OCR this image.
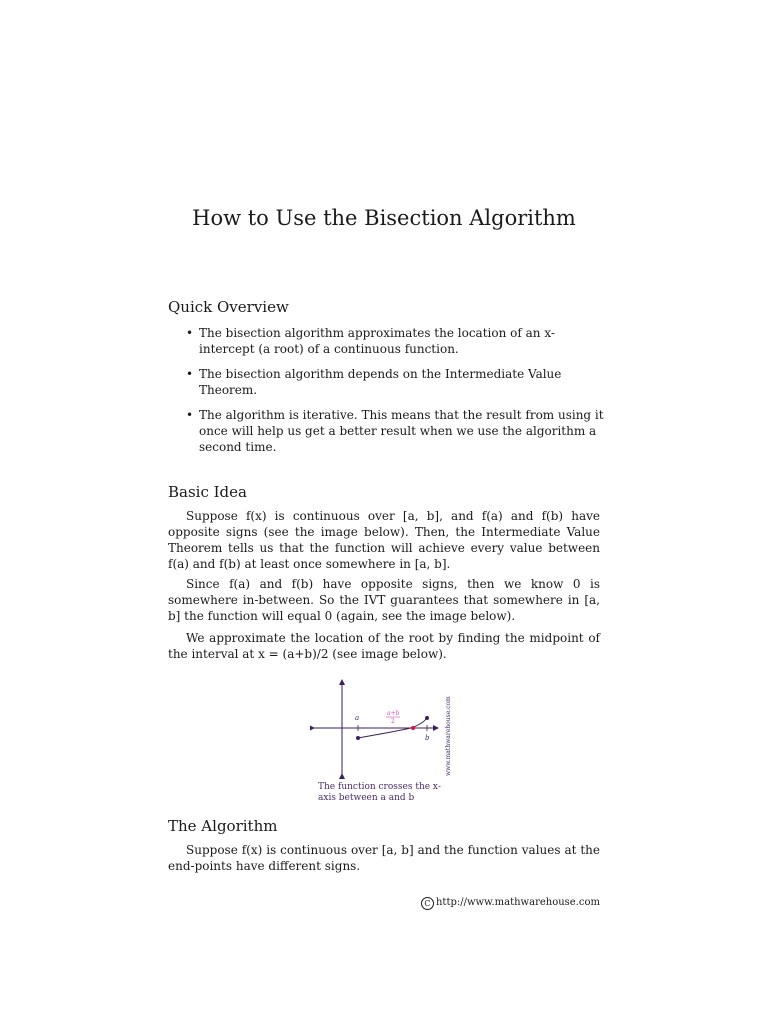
How to Use the Bisection Algorithm
Quick Overview
• The bisection algorithm approximates the location of an x-intercept (a root) of a continuous function.
• The bisection algorithm depends on the Intermediate Value Theorem.
• The algorithm is iterative. This means that the result from using it once will help us get a better result when we use the algorithm a second time.
Basic Idea

Suppose f(x) is continuous over [a, b], and f(a) and f(b) have opposite signs (see the image below). Then, the Intermediate Value Theorem tells us that the function will achieve every value between f(a) and f(b) at least once somewhere in [a, b].

Since f(a) and f(b) have opposite signs, then we know 0 is somewhere in-between. So the IVT guarantees that somewhere in [a, b] the function will equal 0 (again, see the image below).

We approximate the location of the root by finding the midpoint of the interval at x = (a+b)/2 (see image below).

a
b
a+b
2	www.mathwarehouse.com

The function crosses the x-axis between a and b

The Algorithm

Suppose f(x) is continuous over [a, b] and the function values at the end-points have different signs.

C http://www.mathwarehouse.com
